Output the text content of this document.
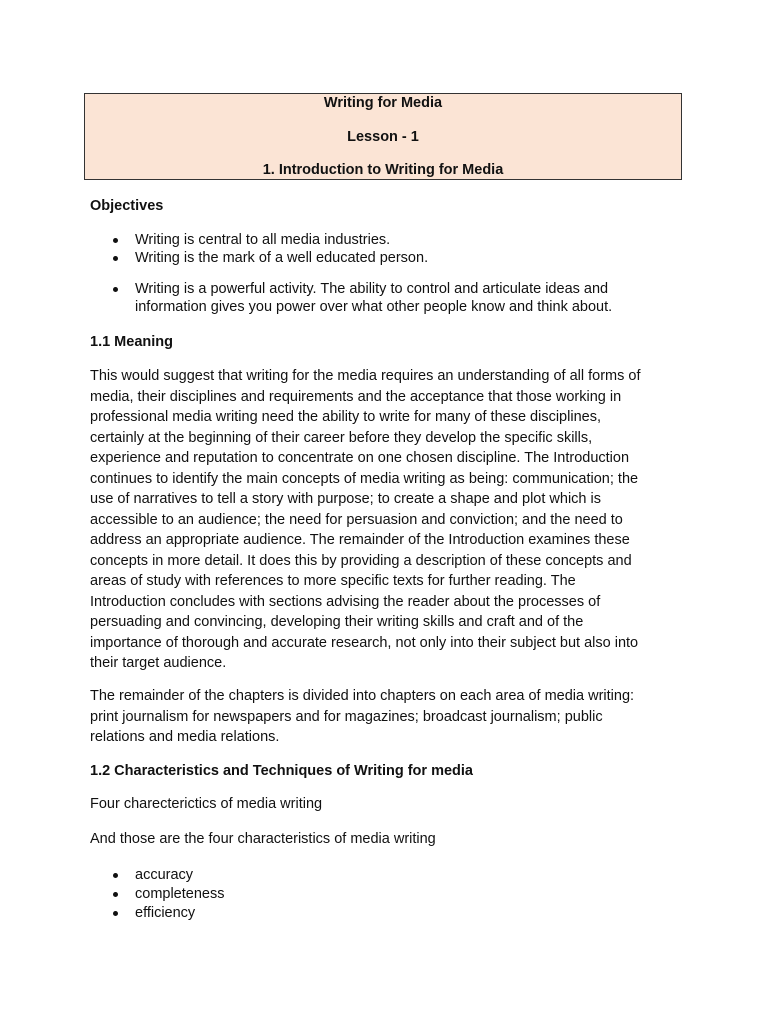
Writing for Media
Lesson - 1
1. Introduction to Writing for Media
Objectives
Writing is central to all media industries.
Writing is the mark of a well educated person.
Writing is a powerful activity. The ability to control and articulate ideas and
information gives you power over what other people know and think about.
1.1 Meaning
This would suggest that writing for the media requires an understanding of all forms of
media, their disciplines and requirements and the acceptance that those working in
professional media writing need the ability to write for many of these disciplines,
certainly at the beginning of their career before they develop the specific skills,
experience and reputation to concentrate on one chosen discipline. The Introduction
continues to identify the main concepts of media writing as being: communication; the
use of narratives to tell a story with purpose; to create a shape and plot which is
accessible to an audience; the need for persuasion and conviction; and the need to
address an appropriate audience. The remainder of the Introduction examines these
concepts in more detail. It does this by providing a description of these concepts and
areas of study with references to more specific texts for further reading. The
Introduction concludes with sections advising the reader about the processes of
persuading and convincing, developing their writing skills and craft and of the
importance of thorough and accurate research, not only into their subject but also into
their target audience.
The remainder of the chapters is divided into chapters on each area of media writing:
print journalism for newspapers and for magazines; broadcast journalism; public
relations and media relations.
1.2 Characteristics and Techniques of Writing for media
Four charecterictics of media writing
And those are the four characteristics of media writing
accuracy
completeness
efficiency
